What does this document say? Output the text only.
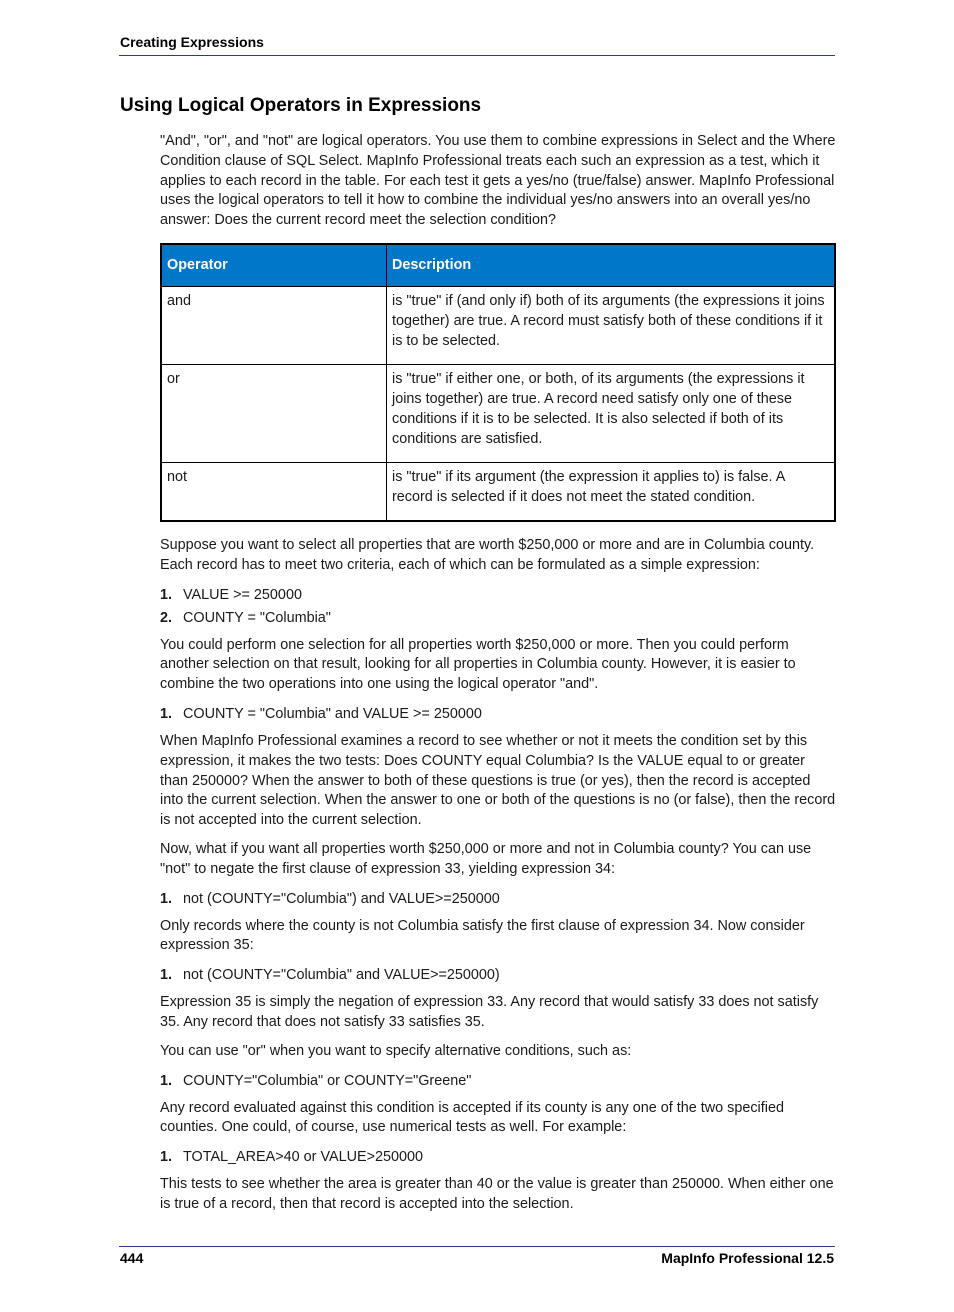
Creating Expressions
Using Logical Operators in Expressions

"And", "or", and "not" are logical operators. You use them to combine expressions in Select and the Where Condition clause of SQL Select. MapInfo Professional treats each such an expression as a test, which it applies to each record in the table. For each test it gets a yes/no (true/false) answer. MapInfo Professional uses the logical operators to tell it how to combine the individual yes/no answers into an overall yes/no answer: Does the current record meet the selection condition?

Operator	Description
and	is "true" if (and only if) both of its arguments (the expressions it joins together) are true. A record must satisfy both of these conditions if it is to be selected.
or	is "true" if either one, or both, of its arguments (the expressions it joins together) are true. A record need satisfy only one of these conditions if it is to be selected. It is also selected if both of its conditions are satisfied.
not	is "true" if its argument (the expression it applies to) is false. A record is selected if it does not meet the stated condition.

Suppose you want to select all properties that are worth $250,000 or more and are in Columbia county. Each record has to meet two criteria, each of which can be formulated as a simple expression:

1. VALUE >= 250000
2. COUNTY = "Columbia"

You could perform one selection for all properties worth $250,000 or more. Then you could perform another selection on that result, looking for all properties in Columbia county. However, it is easier to combine the two operations into one using the logical operator "and".

1. COUNTY = "Columbia" and VALUE >= 250000

When MapInfo Professional examines a record to see whether or not it meets the condition set by this expression, it makes the two tests: Does COUNTY equal Columbia? Is the VALUE equal to or greater than 250000? When the answer to both of these questions is true (or yes), then the record is accepted into the current selection. When the answer to one or both of the questions is no (or false), then the record is not accepted into the current selection.

Now, what if you want all properties worth $250,000 or more and not in Columbia county? You can use "not" to negate the first clause of expression 33, yielding expression 34:

1. not (COUNTY="Columbia") and VALUE>=250000

Only records where the county is not Columbia satisfy the first clause of expression 34. Now consider expression 35:

1. not (COUNTY="Columbia" and VALUE>=250000)

Expression 35 is simply the negation of expression 33. Any record that would satisfy 33 does not satisfy 35. Any record that does not satisfy 33 satisfies 35.

You can use "or" when you want to specify alternative conditions, such as:

1. COUNTY="Columbia" or COUNTY="Greene"

Any record evaluated against this condition is accepted if its county is any one of the two specified counties. One could, of course, use numerical tests as well. For example:

1. TOTAL_AREA>40 or VALUE>250000

This tests to see whether the area is greater than 40 or the value is greater than 250000. When either one is true of a record, then that record is accepted into the selection.

444	MapInfo Professional 12.5
